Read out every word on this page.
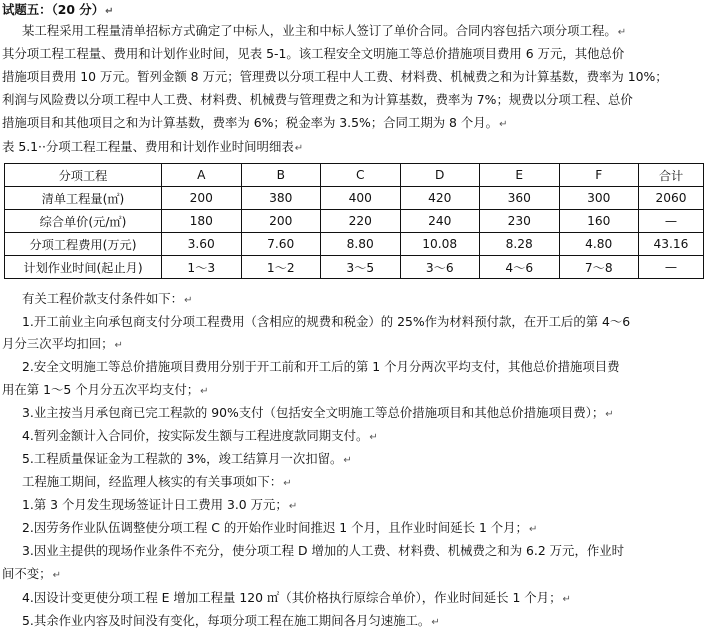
试题五：（20 分）↵
某工程采用工程量清单招标方式确定了中标人，业主和中标人签订了单价合同。合同内容包括六项分项工程。↵
其分项工程工程量、费用和计划作业时间，见表 5-1。该工程安全文明施工等总价措施项目费用 6 万元，其他总价
措施项目费用 10 万元。暂列金额 8 万元；管理费以分项工程中人工费、材料费、机械费之和为计算基数，费率为 10%；
利润与风险费以分项工程中人工费、材料费、机械费与管理费之和为计算基数，费率为 7%；规费以分项工程、总价
措施项目和其他项目之和为计算基数，费率为 6%；税金率为 3.5%；合同工期为 8 个月。↵
表 5.1··分项工程工程量、费用和计划作业时间明细表↵
分项工程	A	B	C	D	E	F	合计
清单工程量(㎡)	200	380	400	420	360	300	2060
综合单价(元/㎡)	180	200	220	240	230	160	—
分项工程费用(万元)	3.60	7.60	8.80	10.08	8.28	4.80	43.16
计划作业时间(起止月)	1～3	1～2	3～5	3～6	4～6	7～8	—
有关工程价款支付条件如下：↵
1.开工前业主向承包商支付分项工程费用（含相应的规费和税金）的 25%作为材料预付款，在开工后的第 4～6
月分三次平均扣回；↵
2.安全文明施工等总价措施项目费用分别于开工前和开工后的第 1 个月分两次平均支付，其他总价措施项目费
用在第 1～5 个月分五次平均支付；↵
3.业主按当月承包商已完工程款的 90%支付（包括安全文明施工等总价措施项目和其他总价措施项目费）；↵
4.暂列金额计入合同价，按实际发生额与工程进度款同期支付。↵
5.工程质量保证金为工程款的 3%，竣工结算月一次扣留。↵
工程施工期间，经监理人核实的有关事项如下：↵
1.第 3 个月发生现场签证计日工费用 3.0 万元；↵
2.因劳务作业队伍调整使分项工程 C 的开始作业时间推迟 1 个月，且作业时间延长 1 个月；↵
3.因业主提供的现场作业条件不充分，使分项工程 D 增加的人工费、材料费、机械费之和为 6.2 万元，作业时
间不变；↵
4.因设计变更使分项工程 E 增加工程量 120 ㎡（其价格执行原综合单价），作业时间延长 1 个月；↵
5.其余作业内容及时间没有变化，每项分项工程在施工期间各月匀速施工。↵
